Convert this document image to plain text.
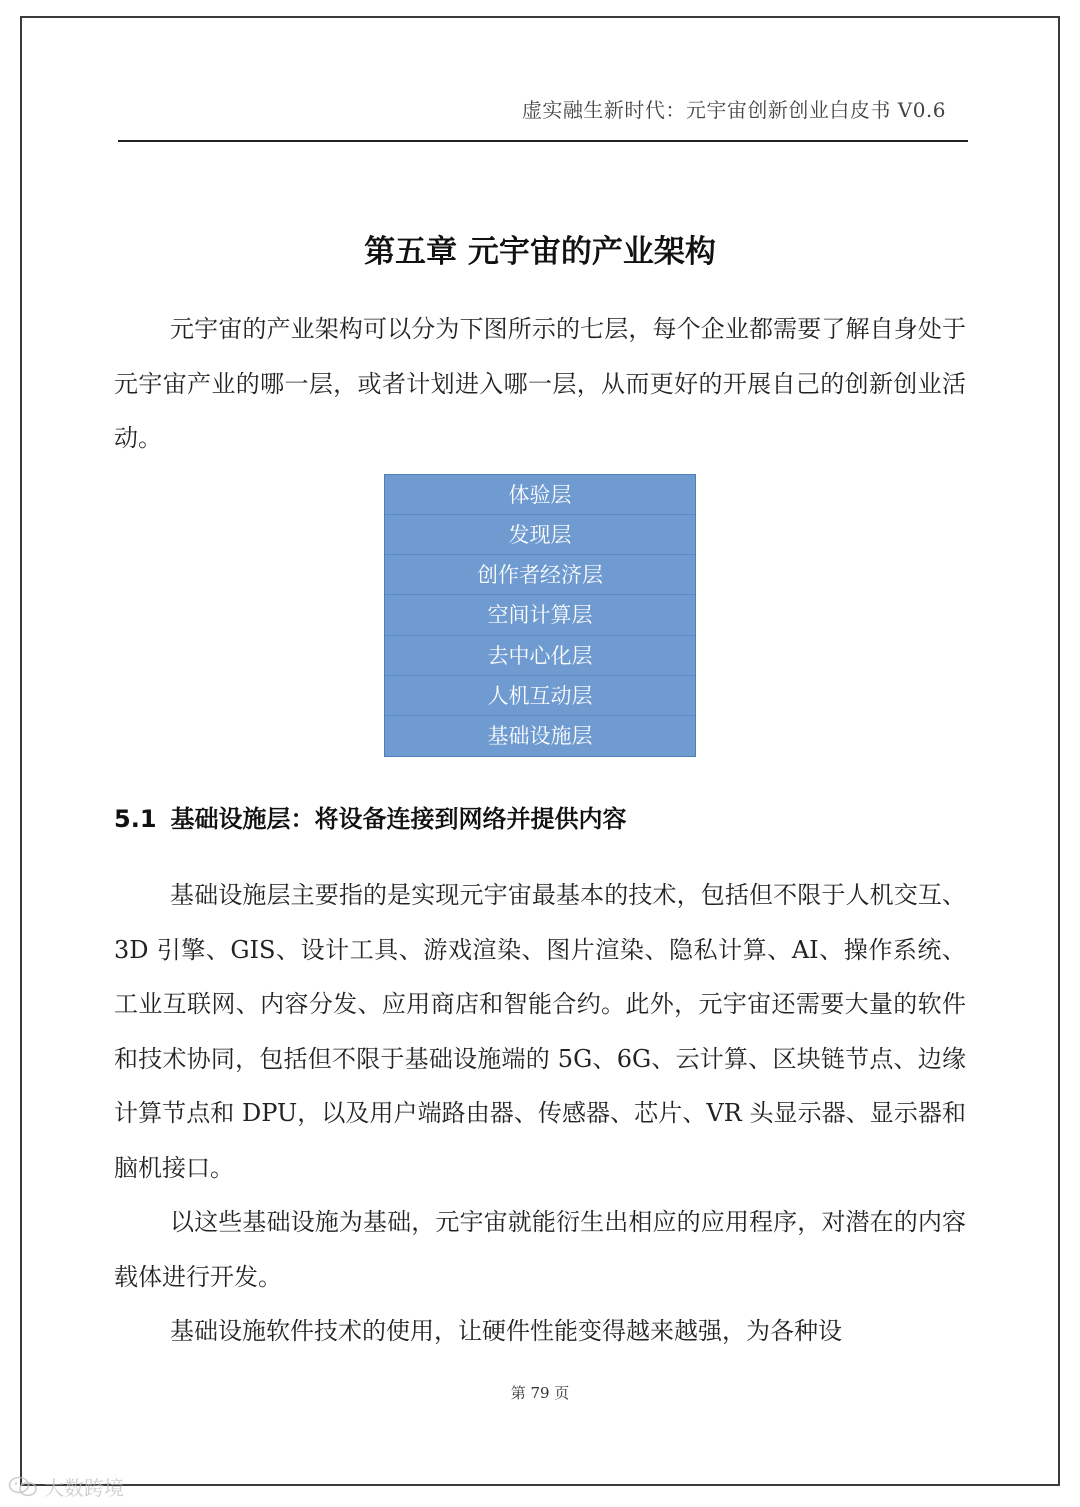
虚实融生新时代：元宇宙创新创业白皮书 V0.6
第五章 元宇宙的产业架构

元宇宙的产业架构可以分为下图所示的七层，每个企业都需要了解自身处于元宇宙产业的哪一层，或者计划进入哪一层，从而更好的开展自己的创新创业活动。

体验层
发现层
创作者经济层
空间计算层
去中心化层
人机互动层
基础设施层
5.1 基础设施层：将设备连接到网络并提供内容

基础设施层主要指的是实现元宇宙最基本的技术，包括但不限于人机交互、3D 引擎、GIS、设计工具、游戏渲染、图片渲染、隐私计算、AI、操作系统、工业互联网、内容分发、应用商店和智能合约。此外，元宇宙还需要大量的软件和技术协同，包括但不限于基础设施端的 5G、6G、云计算、区块链节点、边缘计算节点和 DPU，以及用户端路由器、传感器、芯片、VR 头显示器、显示器和脑机接口。

以这些基础设施为基础，元宇宙就能衍生出相应的应用程序，对潜在的内容载体进行开发。

基础设施软件技术的使用，让硬件性能变得越来越强，为各种设

第 79 页
大数跨境
